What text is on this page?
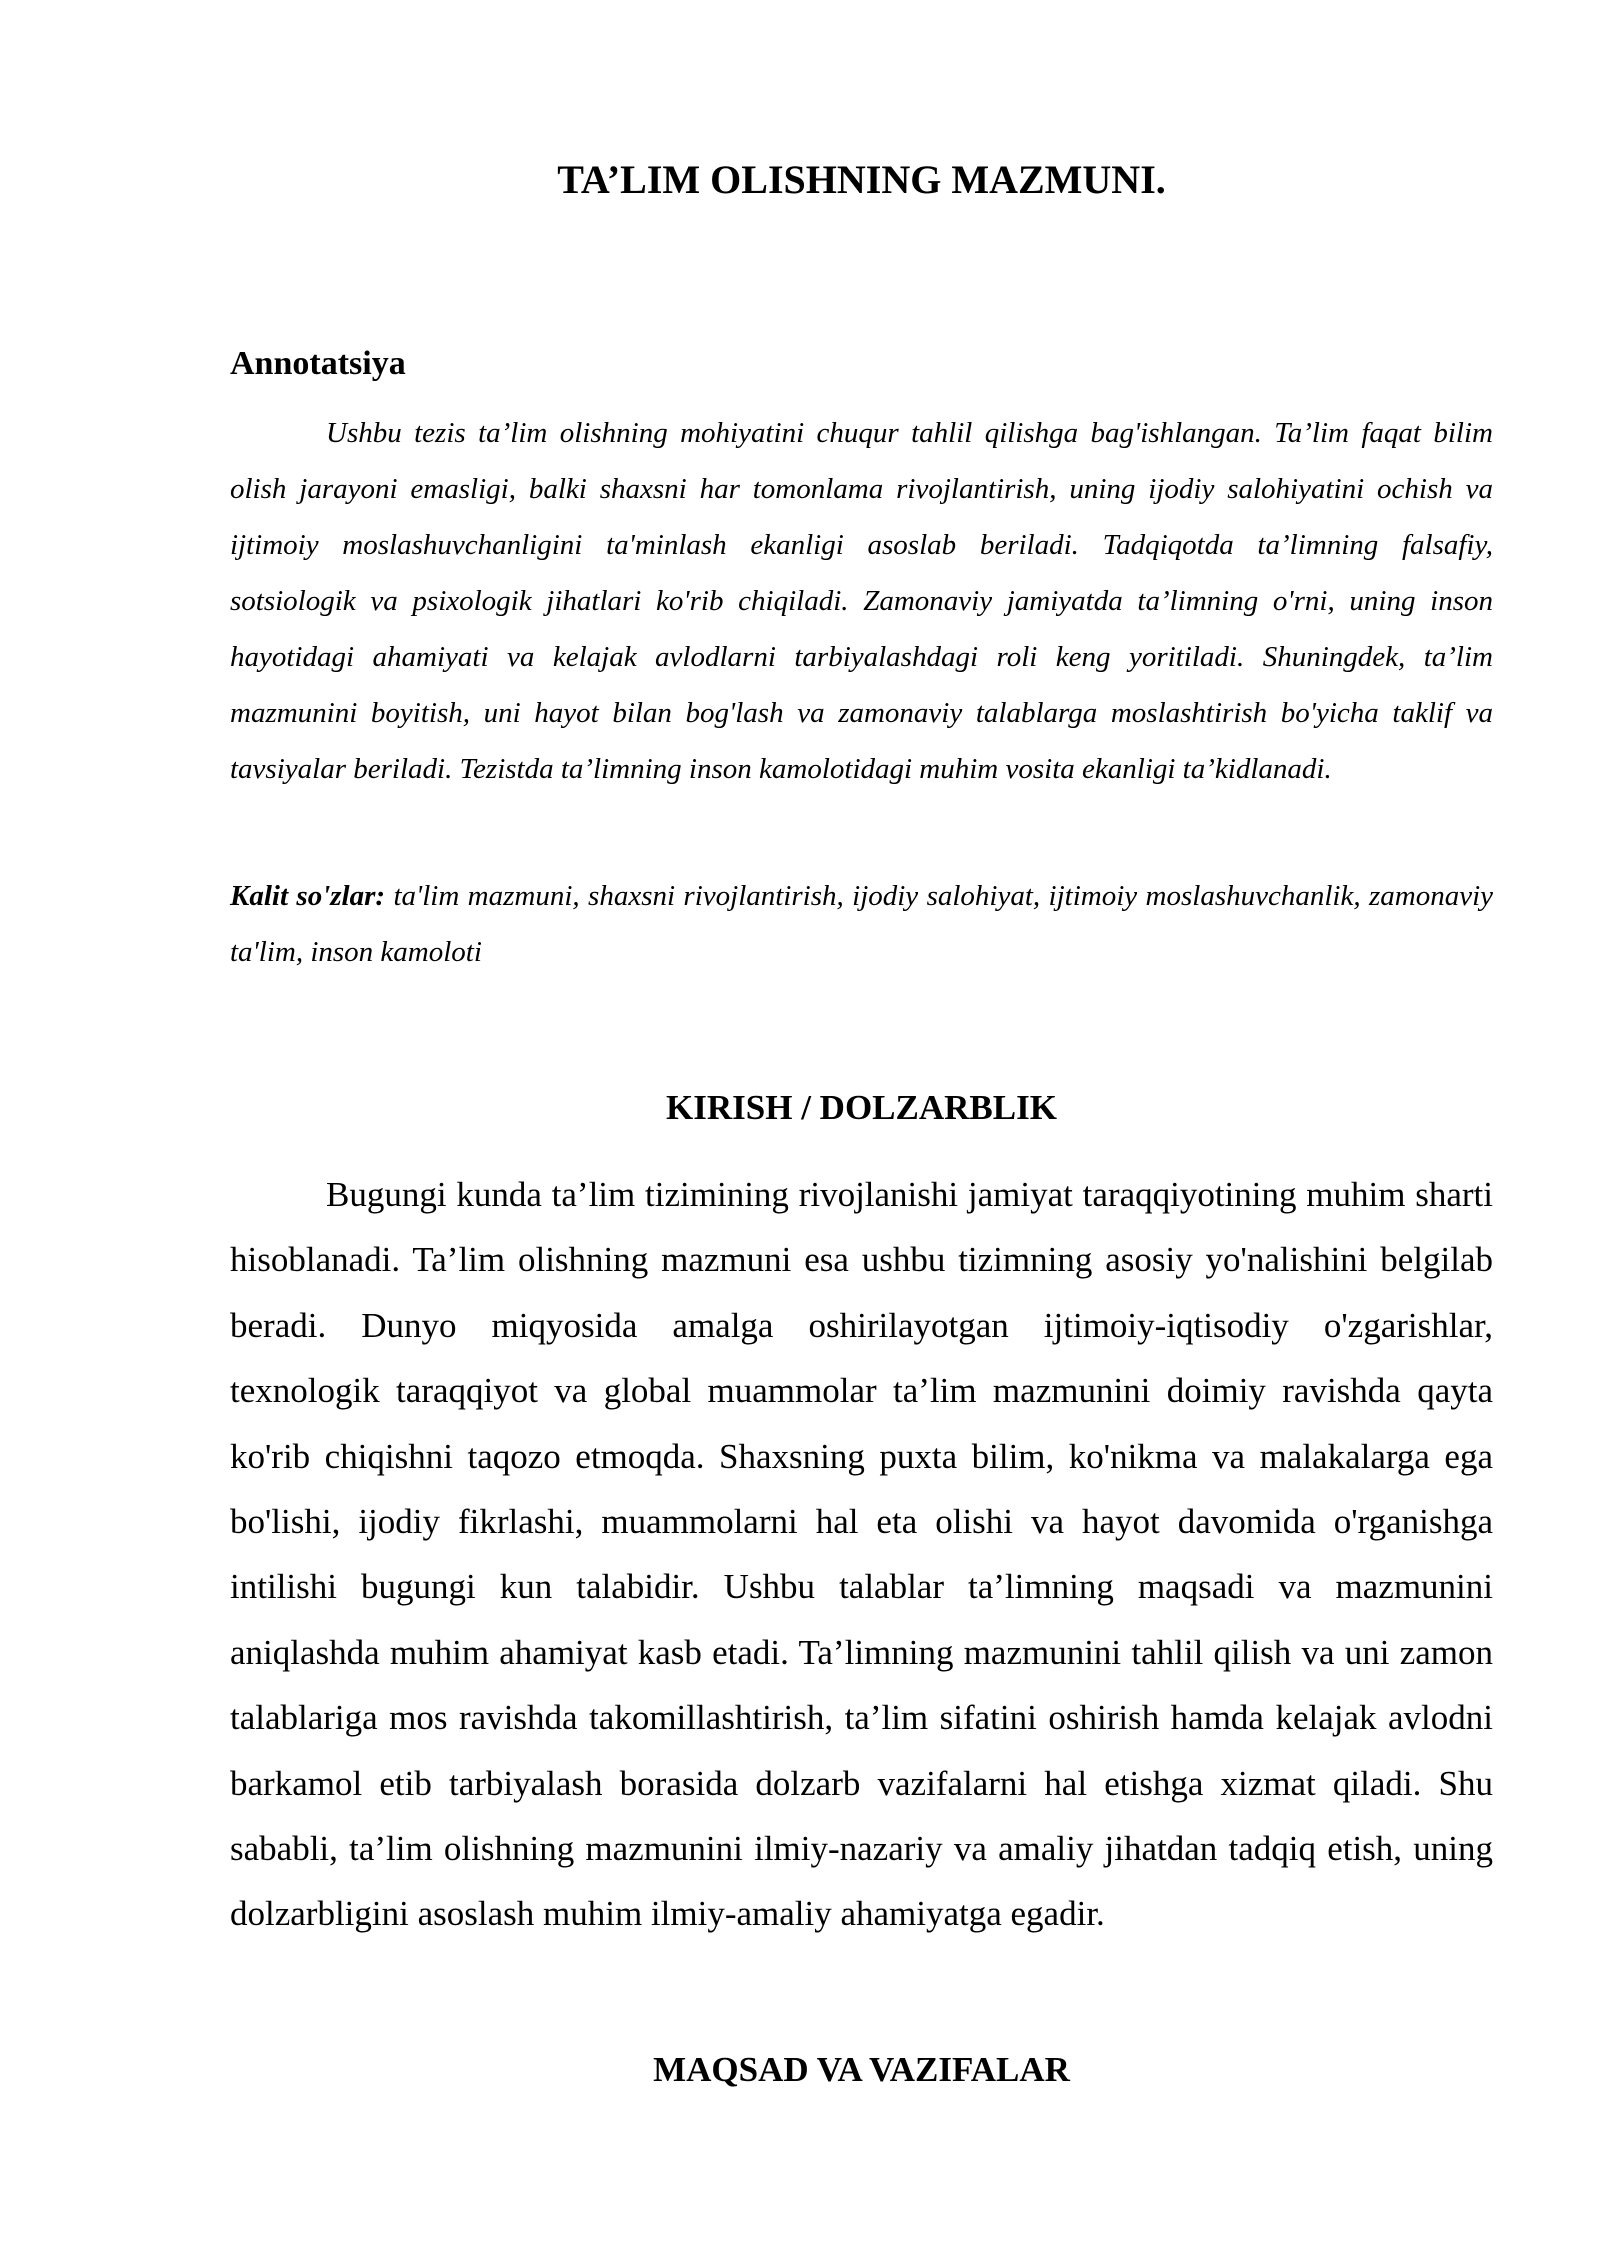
TA’LIM OLISHNING MAZMUNI.
Annotatsiya

Ushbu tezis ta’lim olishning mohiyatini chuqur tahlil qilishga bag'ishlangan. Ta’lim faqat bilim olish jarayoni emasligi, balki shaxsni har tomonlama rivojlantirish, uning ijodiy salohiyatini ochish va ijtimoiy moslashuvchanligini ta'minlash ekanligi asoslab beriladi. Tadqiqotda ta’limning falsafiy, sotsiologik va psixologik jihatlari ko'rib chiqiladi. Zamonaviy jamiyatda ta’limning o'rni, uning inson hayotidagi ahamiyati va kelajak avlodlarni tarbiyalashdagi roli keng yoritiladi. Shuningdek, ta’lim mazmunini boyitish, uni hayot bilan bog'lash va zamonaviy talablarga moslashtirish bo'yicha taklif va tavsiyalar beriladi. Tezistda ta’limning inson kamolotidagi muhim vosita ekanligi ta’kidlanadi.

Kalit so'zlar: ta'lim mazmuni, shaxsni rivojlantirish, ijodiy salohiyat, ijtimoiy moslashuvchanlik, zamonaviy ta'lim, inson kamoloti

KIRISH / DOLZARBLIK

Bugungi kunda ta’lim tizimining rivojlanishi jamiyat taraqqiyotining muhim sharti hisoblanadi. Ta’lim olishning mazmuni esa ushbu tizimning asosiy yo'nalishini belgilab beradi. Dunyo miqyosida amalga oshirilayotgan ijtimoiy-iqtisodiy o'zgarishlar, texnologik taraqqiyot va global muammolar ta’lim mazmunini doimiy ravishda qayta ko'rib chiqishni taqozo etmoqda. Shaxsning puxta bilim, ko'nikma va malakalarga ega bo'lishi, ijodiy fikrlashi, muammolarni hal eta olishi va hayot davomida o'rganishga intilishi bugungi kun talabidir. Ushbu talablar ta’limning maqsadi va mazmunini aniqlashda muhim ahamiyat kasb etadi. Ta’limning mazmunini tahlil qilish va uni zamon talablariga mos ravishda takomillashtirish, ta’lim sifatini oshirish hamda kelajak avlodni barkamol etib tarbiyalash borasida dolzarb vazifalarni hal etishga xizmat qiladi. Shu sababli, ta’lim olishning mazmunini ilmiy-nazariy va amaliy jihatdan tadqiq etish, uning dolzarbligini asoslash muhim ilmiy-amaliy ahamiyatga egadir.

MAQSAD VA VAZIFALAR
